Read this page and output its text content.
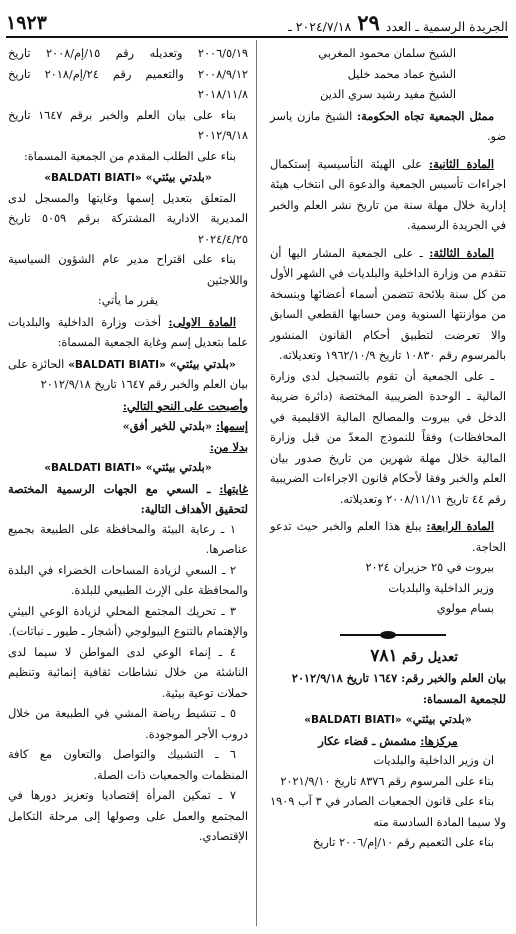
الجريدة الرسمية ـ العدد
٢٩
٢٠٢٤/٧/١٨ ـ
١٩٢٣

الشيخ سلمان محمود المغربي

الشيخ عماد محمد خليل

الشيخ مفيد رشيد سري الدين

ممثل الجمعية تجاه الحكومة: الشيخ مازن ياسر ضو.

المادة الثانية: على الهيئة التأسيسية إستكمال اجراءات تأسيس الجمعية والدعوة الى انتخاب هيئة إدارية خلال مهلة سنة من تاريخ نشر العلم والخبر في الجريدة الرسمية.

المادة الثالثة: ـ على الجمعية المشار اليها أن تتقدم من وزارة الداخلية والبلديات في الشهر الأول من كل سنة بلائحة تتضمن أسماء أعضائها وبنسخة من موازنتها السنوية ومن حسابها القطعي السابق والا تعرضت لتطبيق أحكام القانون المنشور بالمرسوم رقم ١٠٨٣٠ تاريخ ١٩٦٢/١٠/٩ وتعديلاته.

ـ على الجمعية أن تقوم بالتسجيل لدى وزارة المالية ـ الوحدة الضريبية المختصة (دائرة ضريبة الدخل في بيروت والمصالح المالية الاقليمية في المحافظات) وفقاً للنموذج المعدّ من قبل وزارة المالية خلال مهلة شهرين من تاريخ صدور بيان العلم والخبر وفقا لأحكام قانون الاجراءات الضريبية رقم ٤٤ تاريخ ٢٠٠٨/١١/١١ وتعديلاته.

المادة الرابعة: يبلغ هذا العلم والخبر حيث تدعو الحاجة.

بيروت في ٢٥ حزيران ٢٠٢٤

وزير الداخلية والبلديات

بسام مولوي

تعديل رقم ٧٨١

بيان العلم والخبر رقم: ١٦٤٧ تاريخ ٢٠١٢/٩/١٨

للجمعية المسماة:

«بلدتي بيئتي» «BALDATI BIATI»

مركزها: مشمش ـ قضاء عكار

ان وزير الداخلية والبلديات

بناء على المرسوم رقم ٨٣٧٦ تاريخ ٢٠٢١/٩/١٠

بناء على قانون الجمعيات الصادر في ٣ آب ١٩٠٩ ولا سيما المادة السادسة منه

بناء على التعميم رقم ١٠/إم/٢٠٠٦ تاريخ

٢٠٠٦/٥/١٩ وتعديله رقم ١٥/إم/٢٠٠٨ تاريخ ٢٠٠٨/٩/١٢ والتعميم رقم ٢٤/إم/٢٠١٨ تاريخ ٢٠١٨/١١/٨

بناء على بيان العلم والخبر برقم ١٦٤٧ تاريخ ٢٠١٢/٩/١٨

بناء على الطلب المقدم من الجمعية المسماة:

«بلدتي بيئتي» «BALDATI BIATI»

المتعلق بتعديل إسمها وغايتها والمسجل لدى المديرية الادارية المشتركة برقم ٥٠٥٩ تاريخ ٢٠٢٤/٤/٢٥

بناء على اقتراح مدير عام الشؤون السياسية واللاجئين

يقرر ما يأتي:

المادة الاولى: أخذت وزارة الداخلية والبلديات علما بتعديل إسم وغاية الجمعية المسماة:

«بلدتي بيئتي» «BALDATI BIATI» الحائزة على بيان العلم والخبر رقم ١٦٤٧ تاريخ ٢٠١٢/٩/١٨

وأصبحت على النحو التالي:

إسمها: «بلدتي للخير أفق»

بدلا من:

«بلدتي بيئتي» «BALDATI BIATI»

غايتها: ـ السعي مع الجهات الرسمية المختصة لتحقيق الأهداف التالية:

١ ـ رعاية البيئة والمحافظة على الطبيعة بجميع عناصرها.

٢ ـ السعي لزيادة المساحات الخضراء في البلدة والمحافظة على الإرث الطبيعي للبلدة.

٣ ـ تحريك المجتمع المحلي لزيادة الوعي البيئي والإهتمام بالتنوع البيولوجي (أشجار ـ طيور ـ نباتات).

٤ ـ إنماء الوعي لدى المواطن لا سيما لدى الناشئة من خلال نشاطات ثقافية إنمائية وتنظيم حملات توعية بيئية.

٥ ـ تنشيط رياضة المشي في الطبيعة من خلال دروب الأجر الموجودة.

٦ ـ التشبيك والتواصل والتعاون مع كافة المنظمات والجمعيات ذات الصلة.

٧ ـ تمكين المرأة إقتصاديا وتعزيز دورها في المجتمع والعمل على وصولها إلى مرحلة التكامل الإقتصادي.
